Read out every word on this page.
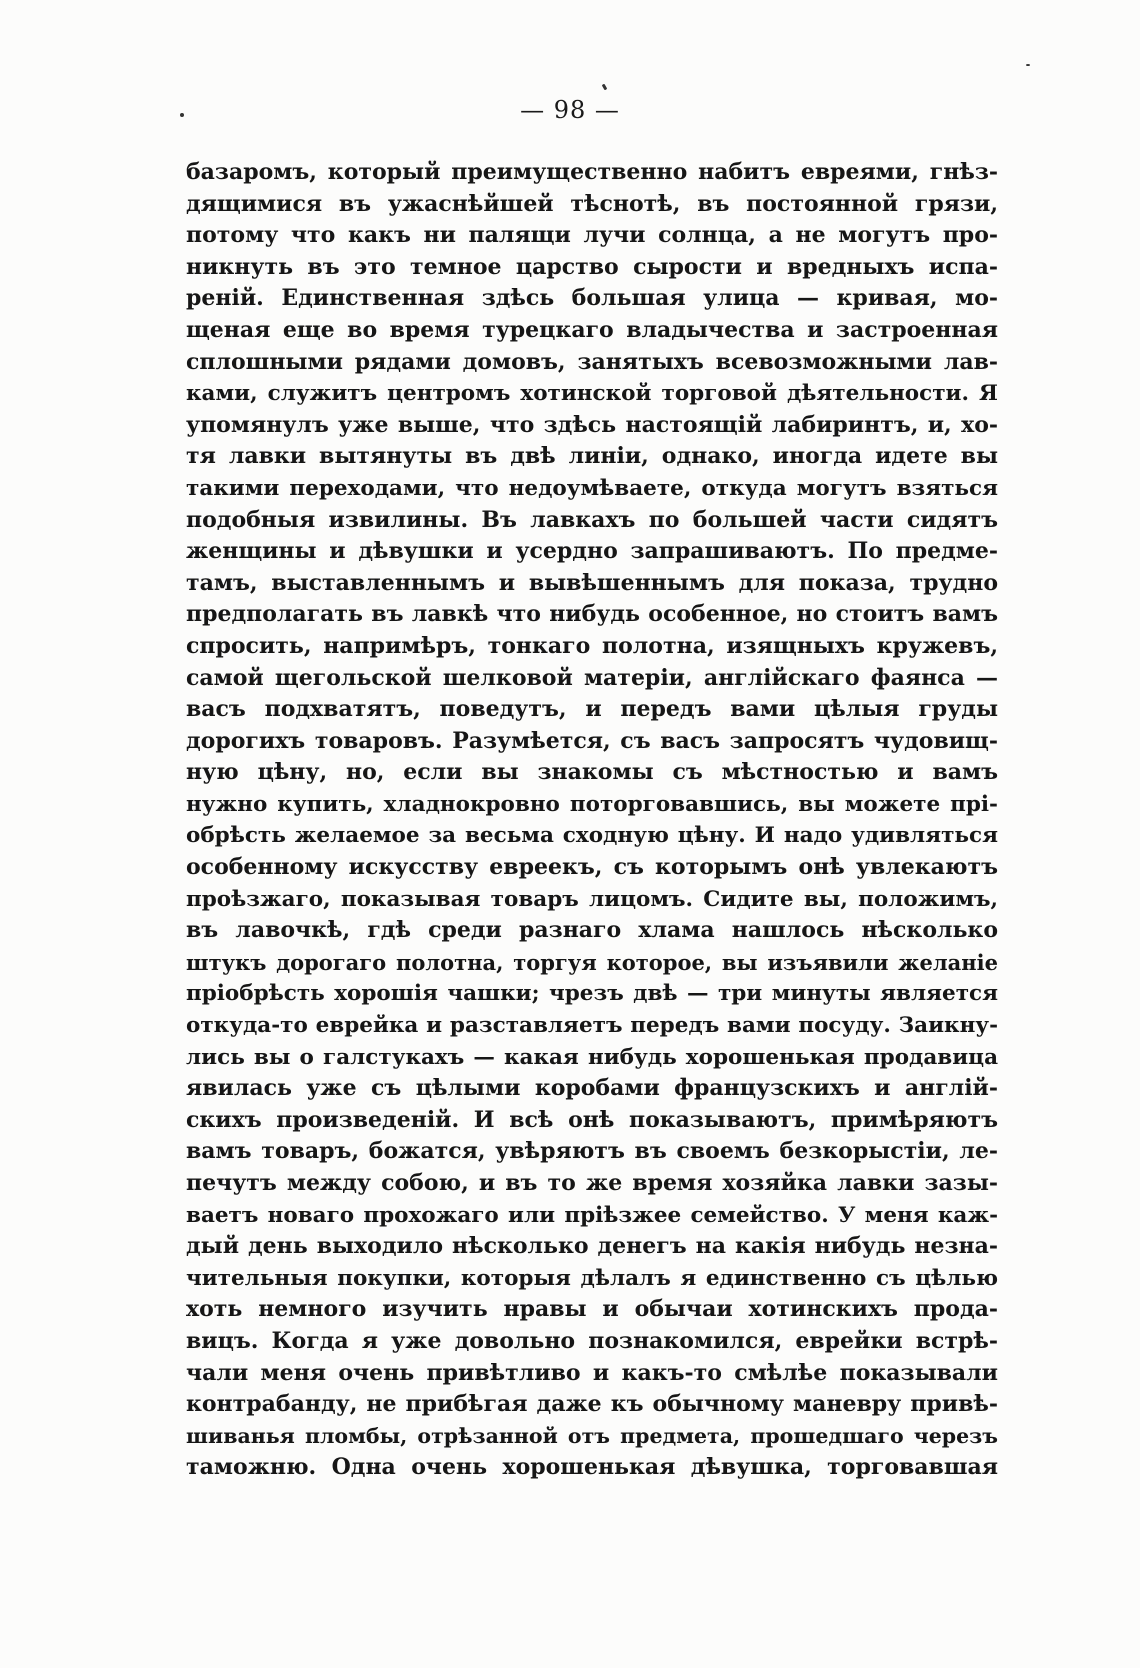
— 98 —
базаромъ, который преимущественно набитъ евреями, гнѣз-
дящимися въ ужаснѣйшей тѣснотѣ, въ постоянной грязи,
потому что какъ ни палящи лучи солнца, а не могутъ про-
никнуть въ это темное царство сырости и вредныхъ испа-
реній. Единственная здѣсь большая улица — кривая, мо-
щеная еще во время турецкаго владычества и застроенная
сплошными рядами домовъ, занятыхъ всевозможными лав-
ками, служитъ центромъ хотинской торговой дѣятельности. Я
упомянулъ уже выше, что здѣсь настоящій лабиринтъ, и, хо-
тя лавки вытянуты въ двѣ линіи, однако, иногда идете вы
такими переходами, что недоумѣваете, откуда могутъ взяться
подобныя извилины. Въ лавкахъ по большей части сидятъ
женщины и дѣвушки и усердно запрашиваютъ. По предме-
тамъ, выставленнымъ и вывѣшеннымъ для показа, трудно
предполагать въ лавкѣ что нибудь особенное, но стоитъ вамъ
спросить, напримѣръ, тонкаго полотна, изящныхъ кружевъ,
самой щегольской шелковой матеріи, англійскаго фаянса —
васъ подхватятъ, поведутъ, и передъ вами цѣлыя груды
дорогихъ товаровъ. Разумѣется, съ васъ запросятъ чудовищ-
ную цѣну, но, если вы знакомы съ мѣстностью и вамъ
нужно купить, хладнокровно поторговавшись, вы можете прі-
обрѣсть желаемое за весьма сходную цѣну. И надо удивляться
особенному искусству евреекъ, съ которымъ онѣ увлекаютъ
проѣзжаго, показывая товаръ лицомъ. Сидите вы, положимъ,
въ лавочкѣ, гдѣ среди разнаго хлама нашлось нѣсколько
штукъ дорогаго полотна, торгуя которое, вы изъявили желаніе
пріобрѣсть хорошія чашки; чрезъ двѣ — три минуты является
откуда-то еврейка и разставляетъ передъ вами посуду. Заикну-
лись вы о галстукахъ — какая нибудь хорошенькая продавица
явилась уже съ цѣлыми коробами французскихъ и англій-
скихъ произведеній. И всѣ онѣ показываютъ, примѣряютъ
вамъ товаръ, божатся, увѣряютъ въ своемъ безкорыстіи, ле-
печутъ между собою, и въ то же время хозяйка лавки зазы-
ваетъ новаго прохожаго или пріѣзжее семейство. У меня каж-
дый день выходило нѣсколько денегъ на какія нибудь незна-
чительныя покупки, которыя дѣлалъ я единственно съ цѣлью
хоть немного изучить нравы и обычаи хотинскихъ прода-
вицъ. Когда я уже довольно познакомился, еврейки встрѣ-
чали меня очень привѣтливо и какъ-то смѣлѣе показывали
контрабанду, не прибѣгая даже къ обычному маневру привѣ-
шиванья пломбы, отрѣзанной отъ предмета, прошедшаго черезъ
таможню. Одна очень хорошенькая дѣвушка, торговавшая
